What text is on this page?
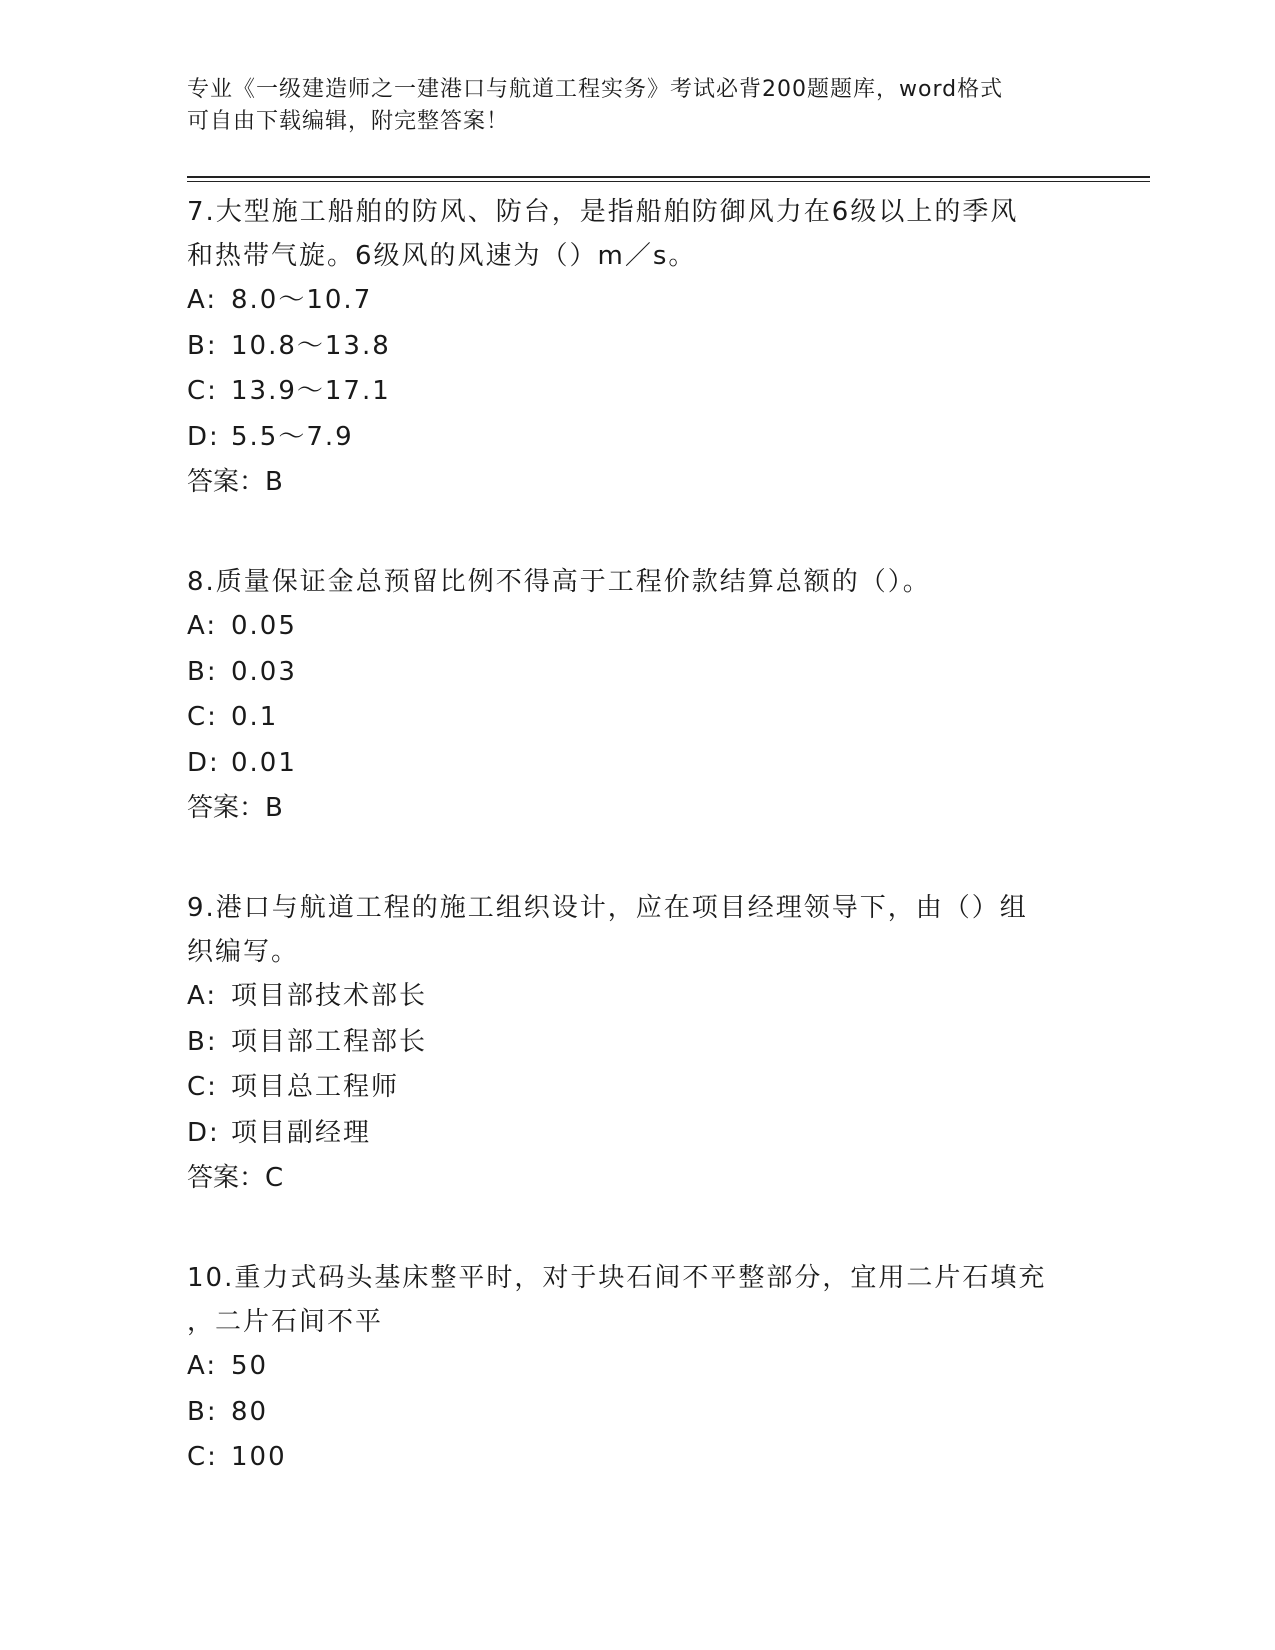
专业《一级建造师之一建港口与航道工程实务》考试必背200题题库，word格式
可自由下载编辑，附完整答案！
7.大型施工船舶的防风、防台，是指船舶防御风力在6级以上的季风
和热带气旋。6级风的风速为（）m／s。
A: 8.0～10.7
B: 10.8～13.8
C: 13.9～17.1
D: 5.5～7.9
答案：B
8.质量保证金总预留比例不得高于工程价款结算总额的（）。
A: 0.05
B: 0.03
C: 0.1
D: 0.01
答案：B
9.港口与航道工程的施工组织设计，应在项目经理领导下，由（）组
织编写。
A: 项目部技术部长
B: 项目部工程部长
C: 项目总工程师
D: 项目副经理
答案：C
10.重力式码头基床整平时，对于块石间不平整部分，宜用二片石填充
，二片石间不平
A: 50
B: 80
C: 100
